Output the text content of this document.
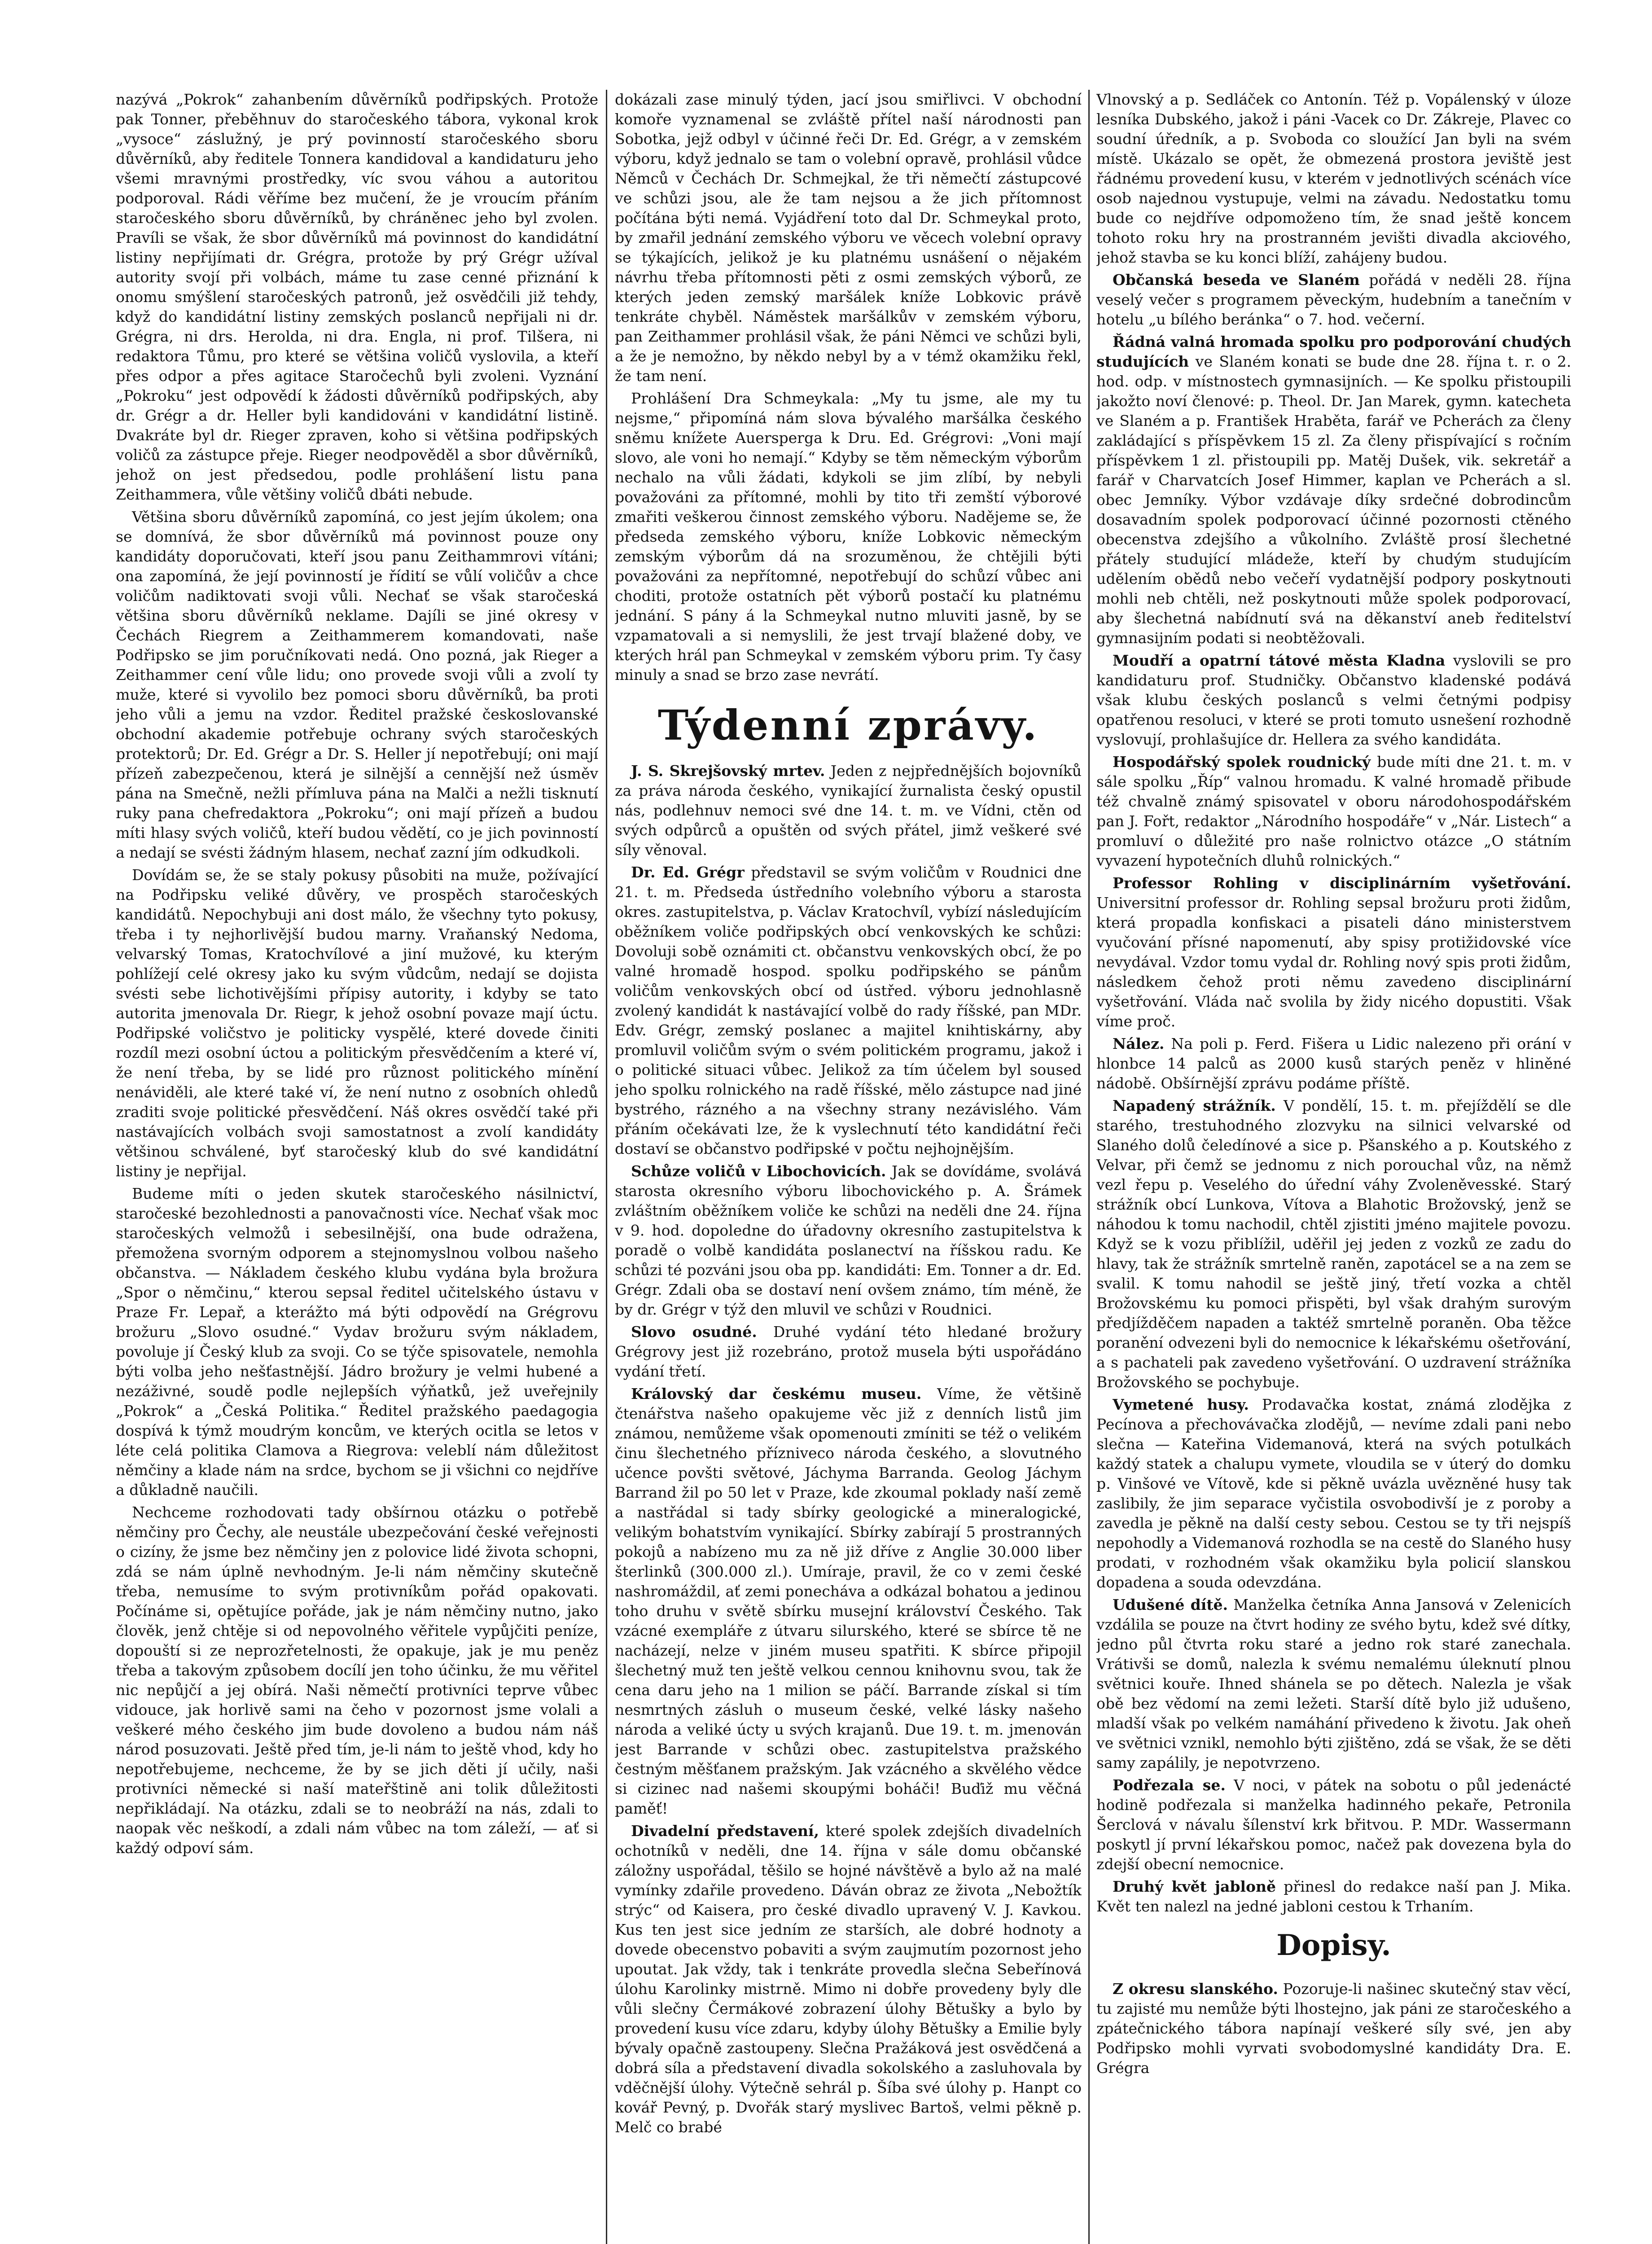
nazývá „Pokrok“ zahanbením důvěrníků podřipských. Protože pak Tonner, přeběhnuv do staročeského tábora, vykonal krok „vysoce“ záslužný, je prý povinností staročeského sboru důvěrníků, aby ředitele Tonnera kandidoval a kandidaturu jeho všemi mravnými prostředky, víc svou váhou a autoritou podporoval. Rádi věříme bez mučení, že je vroucím přáním staročeského sboru důvěrníků, by chráněnec jeho byl zvolen. Pravíli se však, že sbor důvěrníků má povinnost do kandidátní listiny nepřijímati dr. Grégra, protože by prý Grégr užíval autority svojí při volbách, máme tu zase cenné přiznání k onomu smýšlení staročeských patronů, jež osvědčili již tehdy, když do kandidátní listiny zemských poslanců nepřijali ni dr. Grégra, ni drs. Herolda, ni dra. Engla, ni prof. Tilšera, ni redaktora Tůmu, pro které se většina voličů vyslovila, a kteří přes odpor a přes agitace Staročechů byli zvoleni. Vyznání „Pokroku“ jest odpovědí k žádosti důvěrníků podřipských, aby dr. Grégr a dr. Heller byli kandidováni v kandidátní listině. Dvakráte byl dr. Rieger zpraven, koho si většina podřipských voličů za zástupce přeje. Rieger neodpověděl a sbor důvěrníků, jehož on jest předsedou, podle prohlášení listu pana Zeithammera, vůle většiny voličů dbáti nebude.

Většina sboru důvěrníků zapomíná, co jest jejím úkolem; ona se domnívá, že sbor důvěrníků má povinnost pouze ony kandidáty doporučovati, kteří jsou panu Zeithammrovi vítáni; ona zapomíná, že její povinností je řídití se vůlí voličův a chce voličům nadiktovati svoji vůli. Nechať se však staročeská většina sboru důvěrníků neklame. Dajíli se jiné okresy v Čechách Riegrem a Zeithammerem komandovati, naše Podřipsko se jim poručníkovati nedá. Ono pozná, jak Rieger a Zeithammer cení vůle lidu; ono provede svoji vůli a zvolí ty muže, které si vyvolilo bez pomoci sboru důvěrníků, ba proti jeho vůli a jemu na vzdor. Ředitel pražské českoslovanské obchodní akademie potřebuje ochrany svých staročeských protektorů; Dr. Ed. Grégr a Dr. S. Heller jí nepotřebují; oni mají přízeň zabezpečenou, která je silnější a cennější než úsměv pána na Smečně, nežli přímluva pána na Malči a nežli tisknutí ruky pana chefredaktora „Pokroku“; oni mají přízeň a budou míti hlasy svých voličů, kteří budou vědětí, co je jich povinností a nedají se svésti žádným hlasem, nechať zazní jím odkudkoli.

Dovídám se, že se staly pokusy působiti na muže, požívající na Podřipsku veliké důvěry, ve prospěch staročeských kandidátů. Nepochybuji ani dost málo, že všechny tyto pokusy, třeba i ty nejhorlivější budou marny. Vraňanský Nedoma, velvarský Tomas, Kratochvílové a jiní mužové, ku kterým pohlížejí celé okresy jako ku svým vůdcům, nedají se dojista svésti sebe lichotivějšími přípisy autority, i kdyby se tato autorita jmenovala Dr. Riegr, k jehož osobní povaze mají úctu. Podřipské voličstvo je politicky vyspělé, které dovede činiti rozdíl mezi osobní úctou a politickým přesvědčením a které ví, že není třeba, by se lidé pro různost politického mínění nenáviděli, ale které také ví, že není nutno z osobních ohledů zraditi svoje politické přesvědčení. Náš okres osvědčí také při nastávajících volbách svoji samostatnost a zvolí kandidáty většinou schválené, byť staročeský klub do své kandidátní listiny je nepřijal.

Budeme míti o jeden skutek staročeského násilnictví, staročeské bezohlednosti a panovačnosti více. Nechať však moc staročeských velmožů i sebesilnější, ona bude odražena, přemožena svorným odporem a stejnomyslnou volbou našeho občanstva. — Nákladem českého klubu vydána byla brožura „Spor o němčinu,“ kterou sepsal ředitel učitelského ústavu v Praze Fr. Lepař, a kterážto má býti odpovědí na Grégrovu brožuru „Slovo osudné.“ Vydav brožuru svým nákladem, povoluje jí Český klub za svoji. Co se týče spisovatele, nemohla býti volba jeho nešťastnější. Jádro brožury je velmi hubené a nezáživné, soudě podle nejlepších výňatků, jež uveřejnily „Pokrok“ a „Česká Politika.“ Ředitel pražského paedagogia dospívá k týmž moudrým koncům, ve kterých ocitla se letos v léte celá politika Clamova a Riegrova: veleblí nám důležitost němčiny a klade nám na srdce, bychom se ji všichni co nejdříve a důkladně naučili.

Nechceme rozhodovati tady obšírnou otázku o potřebě němčiny pro Čechy, ale neustále ubezpečování české veřejnosti o cizíny, že jsme bez němčiny jen z polovice lidé života schopni, zdá se nám úplně nevhodným. Je-li nám němčiny skutečně třeba, nemusíme to svým protivníkům pořád opakovati. Počínáme si, opětujíce pořáde, jak je nám němčiny nutno, jako člověk, jenž chtěje si od nepovolného věřitele vypůjčiti peníze, dopouští si ze neprozřetelnosti, že opakuje, jak je mu peněz třeba a takovým způsobem docílí jen toho účinku, že mu věřitel nic nepůjčí a jej obírá. Naši němečtí protivníci teprve vůbec vidouce, jak horlivě sami na čeho v pozornost jsme volali a veškeré mého českého jim bude dovoleno a budou nám náš národ posuzovati. Ještě před tím, je-li nám to ještě vhod, kdy ho nepotřebujeme, nechceme, že by se jich děti jí učily, naši protivníci německé si naší mateřštině ani tolik důležitosti nepřikládají. Na otázku, zdali se to neobráží na nás, zdali to naopak věc neškodí, a zdali nám vůbec na tom záleží, — ať si každý odpoví sám.

dokázali zase minulý týden, jací jsou smiřlivci. V obchodní komoře vyznamenal se zvláště přítel naší národnosti pan Sobotka, jejž odbyl v účinné řeči Dr. Ed. Grégr, a v zemském výboru, když jednalo se tam o volební opravě, prohlásil vůdce Němců v Čechách Dr. Schmejkal, že tři němečtí zástupcové ve schůzi jsou, ale že tam nejsou a že jich přítomnost počítána býti nemá. Vyjádření toto dal Dr. Schmeykal proto, by zmařil jednání zemského výboru ve věcech volební opravy se týkajících, jelikož je ku platnému usnášení o nějakém návrhu třeba přítomnosti pěti z osmi zemských výborů, ze kterých jeden zemský maršálek kníže Lobkovic právě tenkráte chyběl. Náměstek maršálkův v zemském výboru, pan Zeithammer prohlásil však, že páni Němci ve schůzi byli, a že je nemožno, by někdo nebyl by a v témž okamžiku řekl, že tam není.

Prohlášení Dra Schmeykala: „My tu jsme, ale my tu nejsme,“ připomíná nám slova bývalého maršálka českého sněmu knížete Auersperga k Dru. Ed. Grégrovi: „Voni mají slovo, ale voni ho nemají.“ Kdyby se těm německým výborům nechalo na vůli žádati, kdykoli se jim zlíbí, by nebyli považováni za přítomné, mohli by tito tři zemští výborové zmařiti veškerou činnost zemského výboru. Nadějeme se, že předseda zemského výboru, kníže Lobkovic německým zemským výborům dá na srozuměnou, že chtějili býti považováni za nepřítomné, nepotřebují do schůzí vůbec ani choditi, protože ostatních pět výborů postačí ku platnému jednání. S pány á la Schmeykal nutno mluviti jasně, by se vzpamatovali a si nemyslili, že jest trvají blažené doby, ve kterých hrál pan Schmeykal v zemském výboru prim. Ty časy minuly a snad se brzo zase nevrátí.

Týdenní zprávy.

J. S. Skrejšovský mrtev. Jeden z nejpřednějších bojovníků za práva národa českého, vynikající žurnalista český opustil nás, podlehnuv nemoci své dne 14. t. m. ve Vídni, ctěn od svých odpůrců a opuštěn od svých přátel, jimž veškeré své síly věnoval.

Dr. Ed. Grégr představil se svým voličům v Roudnici dne 21. t. m. Předseda ústředního volebního výboru a starosta okres. zastupitelstva, p. Václav Kratochvíl, vybízí následujícím oběžníkem voliče podřipských obcí venkovských ke schůzi: Dovoluji sobě oznámiti ct. občanstvu venkovských obcí, že po valné hromadě hospod. spolku podřipského se pánům voličům venkovských obcí od ústřed. výboru jednohlasně zvolený kandidát k nastávající volbě do rady říšské, pan MDr. Edv. Grégr, zemský poslanec a majitel knihtiskárny, aby promluvil voličům svým o svém politickém programu, jakož i o politické situaci vůbec. Jelikož za tím účelem byl soused jeho spolku rolnického na radě říšské, mělo zástupce nad jiné bystrého, rázného a na všechny strany nezávislého. Vám přáním očekávati lze, že k vyslechnutí této kandidátní řeči dostaví se občanstvo podřipské v počtu nejhojnějším.

Schůze voličů v Libochovicích. Jak se dovídáme, svolává starosta okresního výboru libochovického p. A. Šrámek zvláštním oběžníkem voliče ke schůzi na neděli dne 24. října v 9. hod. dopoledne do úřadovny okresního zastupitelstva k poradě o volbě kandidáta poslanectví na říšskou radu. Ke schůzi té pozváni jsou oba pp. kandidáti: Em. Tonner a dr. Ed. Grégr. Zdali oba se dostaví není ovšem známo, tím méně, že by dr. Grégr v týž den mluvil ve schůzi v Roudnici.

Slovo osudné. Druhé vydání této hledané brožury Grégrovy jest již rozebráno, protož musela býti uspořádáno vydání třetí.

Královský dar českému museu. Víme, že většině čtenářstva našeho opakujeme věc již z denních listů jim známou, nemůžeme však opomenouti zmíniti se též o velikém činu šlechetného přízniveco národa českého, a slovutného učence povšti světové, Jáchyma Barranda. Geolog Jáchym Barrand žil po 50 let v Praze, kde zkoumal poklady naší země a nastřádal si tady sbírky geologické a mineralogické, velikým bohatstvím vynikající. Sbírky zabírají 5 prostranných pokojů a nabízeno mu za ně již dříve z Anglie 30.000 liber šterlinků (300.000 zl.). Umíraje, pravil, že co v zemi české nashromáždil, ať zemi ponecháva a odkázal bohatou a jedinou toho druhu v světě sbírku musejní království Českého. Tak vzácné exempláře z útvaru silurského, které se sbírce tě ne nacházejí, nelze v jiném museu spatřiti. K sbírce připojil šlechetný muž ten ještě velkou cennou knihovnu svou, tak že cena daru jeho na 1 milion se páčí. Barrande získal si tím nesmrtných zásluh o museum české, velké lásky našeho národa a veliké úcty u svých krajanů. Due 19. t. m. jmenován jest Barrande v schůzi obec. zastupitelstva pražského čestným měšťanem pražským. Jak vzácného a skvělého vědce si cizinec nad našemi skoupými boháči! Buďiž mu věčná paměť!

Divadelní představení, které spolek zdejších divadelních ochotníků v neděli, dne 14. října v sále domu občanské záložny uspořádal, těšilo se hojné návštěvě a bylo až na malé vymínky zdařile provedeno. Dáván obraz ze života „Nebožtík strýc“ od Kaisera, pro české divadlo upravený V. J. Kavkou. Kus ten jest sice jedním ze starších, ale dobré hodnoty a dovede obecenstvo pobaviti a svým zaujmutím pozornost jeho upoutat. Jak vždy, tak i tenkráte provedla slečna Sebeřínová úlohu Karolinky mistrně. Mimo ni dobře provedeny byly dle vůli slečny Čermákové zobrazení úlohy Bětušky a bylo by provedení kusu více zdaru, kdyby úlohy Bětušky a Emilie byly bývaly opačně zastoupeny. Slečna Pražáková jest osvědčená a dobrá síla a představení divadla sokolského a zasluhovala by vděčnější úlohy. Výtečně sehrál p. Šíba své úlohy p. Hanpt co kovář Pevný, p. Dvořák starý myslivec Bartoš, velmi pěkně p. Melč co brabé

Vlnovský a p. Sedláček co Antonín. Též p. Vopálenský v úloze lesníka Dubského, jakož i páni -Vacek co Dr. Zákreje, Plavec co soudní úředník, a p. Svoboda co sloužící Jan byli na svém místě. Ukázalo se opět, že obmezená prostora jeviště jest řádnému provedení kusu, v kterém v jednotlivých scénách více osob najednou vystupuje, velmi na závadu. Nedostatku tomu bude co nejdříve odpomoženo tím, že snad ještě koncem tohoto roku hry na prostranném jevišti divadla akciového, jehož stavba se ku konci blíží, zahájeny budou.

Občanská beseda ve Slaném pořádá v neděli 28. října veselý večer s programem pěveckým, hudebním a tanečním v hotelu „u bílého beránka“ o 7. hod. večerní.

Řádná valná hromada spolku pro podporování chudých studujících ve Slaném konati se bude dne 28. října t. r. o 2. hod. odp. v místnostech gymnasijních. — Ke spolku přistoupili jakožto noví členové: p. Theol. Dr. Jan Marek, gymn. katecheta ve Slaném a p. František Hraběta, farář ve Pcherách za členy zakládající s příspěvkem 15 zl. Za členy přispívající s ročním příspěvkem 1 zl. přistoupili pp. Matěj Dušek, vik. sekretář a farář v Charvatcích Josef Himmer, kaplan ve Pcherách a sl. obec Jemníky. Výbor vzdávaje díky srdečné dobrodincům dosavadním spolek podporovací účinné pozornosti ctěného obecenstva zdejšího a vůkolního. Zvláště prosí šlechetné přátely studující mládeže, kteří by chudým studujícím udělením obědů nebo večeří vydatnější podpory poskytnouti mohli neb chtěli, než poskytnouti může spolek podporovací, aby šlechetná nabídnutí svá na děkanství aneb ředitelství gymnasijním podati si neobtěžovali.

Moudří a opatrní tátové města Kladna vyslovili se pro kandidaturu prof. Studničky. Občanstvo kladenské podává však klubu českých poslanců s velmi četnými podpisy opatřenou resoluci, v které se proti tomuto usnešení rozhodně vyslovují, prohlašujíce dr. Hellera za svého kandidáta.

Hospodářský spolek roudnický bude míti dne 21. t. m. v sále spolku „Říp“ valnou hromadu. K valné hromadě přibude též chvalně známý spisovatel v oboru národohospodářském pan J. Fořt, redaktor „Národního hospodáře“ v „Nár. Listech“ a promluví o důležité pro naše rolnictvo otázce „O státním vyvazení hypotečních dluhů rolnických.“

Professor Rohling v disciplinárním vyšetřování. Universitní professor dr. Rohling sepsal brožuru proti židům, která propadla konfiskaci a pisateli dáno ministerstvem vyučování přísné napomenutí, aby spisy protižidovské více nevydával. Vzdor tomu vydal dr. Rohling nový spis proti židům, následkem čehož proti němu zavedeno disciplinární vyšetřování. Vláda nač svolila by židy nicého dopustiti. Však víme proč.

Nález. Na poli p. Ferd. Fišera u Lidic nalezeno při orání v hlonbce 14 palců as 2000 kusů starých peněz v hliněné nádobě. Obšírnější zprávu podáme příště.

Napadený strážník. V pondělí, 15. t. m. přejíždělí se dle starého, trestuhodného zlozvyku na silnici velvarské od Slaného dolů čeledínové a sice p. Pšanského a p. Koutského z Velvar, při čemž se jednomu z nich porouchal vůz, na němž vezl řepu p. Veselého do úřední váhy Zvoleněvesské. Starý strážník obcí Lunkova, Vítova a Blahotic Brožovský, jenž se náhodou k tomu nachodil, chtěl zjistiti jméno majitele povozu. Když se k vozu přiblížil, uděřil jej jeden z vozků ze zadu do hlavy, tak že strážník smrtelně raněn, zapotácel se a na zem se svalil. K tomu nahodil se ještě jiný, třetí vozka a chtěl Brožovskému ku pomoci přispěti, byl však drahým surovým předjížděčem napaden a taktéž smrtelně poraněn. Oba těžce poranění odvezeni byli do nemocnice k lékařskému ošetřování, a s pachateli pak zavedeno vyšetřování. O uzdravení strážníka Brožovského se pochybuje.

Vymetené husy. Prodavačka kostat, známá zlodějka z Pecínova a přechovávačka zlodějů, — nevíme zdali pani nebo slečna — Kateřina Videmanová, která na svých potulkách každý statek a chalupu vymete, vloudila se v úterý do domku p. Vinšové ve Vítově, kde si pěkně uvázla uvězněné husy tak zaslibily, že jim separace vyčistila osvobodivší je z poroby a zavedla je pěkně na další cesty sebou. Cestou se ty tři nejspíš nepohodly a Videmanová rozhodla se na cestě do Slaného husy prodati, v rozhodném však okamžiku byla policií slanskou dopadena a souda odevzdána.

Udušené dítě. Manželka četníka Anna Jansová v Zelenicích vzdálila se pouze na čtvrt hodiny ze svého bytu, kdež své dítky, jedno půl čtvrta roku staré a jedno rok staré zanechala. Vrátivši se domů, nalezla k svému nemalému úleknutí plnou světnici kouře. Ihned shánela se po dětech. Nalezla je však obě bez vědomí na zemi ležeti. Starší dítě bylo již udušeno, mladší však po velkém namáhání přivedeno k životu. Jak oheň ve světnici vznikl, nemohlo býti zjištěno, zdá se však, že se děti samy zapálily, je nepotvrzeno.

Podřezala se. V noci, v pátek na sobotu o půl jedenácté hodině podřezala si manželka hadinného pekaře, Petronila Šerclová v návalu šílenství krk břitvou. P. MDr. Wassermann poskytl jí první lékařskou pomoc, načež pak dovezena byla do zdejší obecní nemocnice.

Druhý květ jabloně přinesl do redakce naší pan J. Mika. Květ ten nalezl na jedné jabloni cestou k Trhaním.

Dopisy.

Z okresu slanského. Pozoruje-li našinec skutečný stav věcí, tu zajisté mu nemůže býti lhostejno, jak páni ze staročeského a zpátečnického tábora napínají veškeré síly své, jen aby Podřipsko mohli vyrvati svobodomyslné kandidáty Dra. E. Grégra
